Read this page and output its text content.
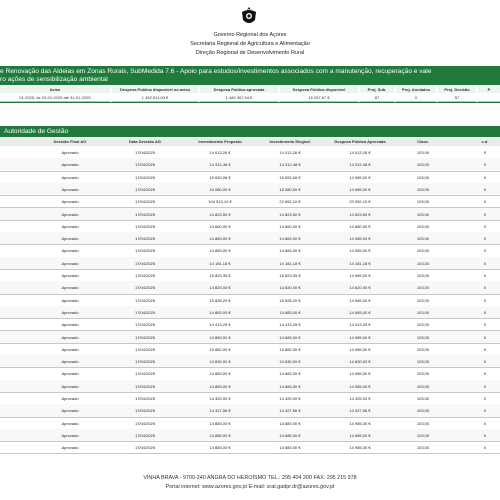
Governo Regional dos Açores
Secretaria Regional de Agricultura e Alimentação
Direção Regional de Desenvolvimento Rural
e Renovação das Aldeias em Zonas Rurais, SubMedida 7.6 - Apoio para estudos/investimentos associados com a manutenção, recuperação e vale
ro ações de sensibilização ambiental
Aviso	Despesa Pública disponível no aviso	Despesa Pública aprovada	Despesa Pública disponível	Proj. Sub.	Proj. Anulados	Proj. Decisão	P
01-2025, de 20-01-2025 até 31-01-2025	1 452 811,00 €	1 489 367,94 €	16 287,67 €	87	0	57
Autoridade de Gestão
Decisão Final AG	Data Decisão AG	Investimento Proposto	Investimento Elegível	Despesa Pública Aprovada	Class.	c.d.
Aprovado	17/04/2025	14 013,26 €	14 013,26 €	14 013,26 €	103,00	0
Aprovado	17/04/2025	14 312,48 €	14 312,48 €	14 312,48 €	103,00	0
Aprovado	17/04/2025	15 653,06 €	15 653,06 €	14 965,00 €	103,00	0
Aprovado	17/04/2025	15 080,00 €	15 080,00 €	14 965,00 €	103,00	0
Aprovado	17/04/2025	104 513,10 €	22 652,10 €	20 952,10 €	103,00	0
Aprovado	17/04/2025	14 823,50 €	14 823,50 €	14 823,50 €	103,00	0
Aprovado	17/04/2025	14 660,00 €	14 660,00 €	14 660,00 €	103,00	0
Aprovado	17/04/2025	14 883,00 €	14 883,00 €	14 965,00 €	103,00	0
Aprovado	17/04/2025	14 883,00 €	14 883,00 €	14 965,00 €	103,00	0
Aprovado	17/04/2025	14 181,18 €	14 181,18 €	14 181,18 €	103,00	0
Aprovado	17/04/2025	15 823,35 €	15 823,35 €	14 965,00 €	103,00	0
Aprovado	17/04/2025	14 820,00 €	14 820,00 €	14 820,00 €	103,00	0
Aprovado	17/04/2025	15 828,20 €	15 828,20 €	14 965,00 €	103,00	0
Aprovado	17/04/2025	14 883,00 €	14 883,00 €	14 965,00 €	103,00	0
Aprovado	17/04/2025	14 413,25 €	14 413,25 €	14 413,25 €	103,00	0
Aprovado	17/04/2025	14 883,00 €	14 883,00 €	14 965,00 €	103,00	0
Aprovado	17/04/2025	15 882,00 €	15 882,00 €	14 965,00 €	103,00	0
Aprovado	17/04/2025	14 830,00 €	14 830,00 €	14 830,00 €	103,00	0
Aprovado	17/04/2025	14 883,00 €	14 883,00 €	14 965,00 €	103,00	0
Aprovado	17/04/2025	14 883,00 €	14 883,00 €	14 965,00 €	103,00	0
Aprovado	17/04/2025	14 325,00 €	14 325,00 €	14 325,00 €	103,00	0
Aprovado	17/04/2025	14 327,56 €	14 327,56 €	14 327,56 €	103,00	0
Aprovado	17/04/2025	14 883,00 €	14 883,00 €	14 965,00 €	103,00	0
Aprovado	17/04/2025	14 885,00 €	14 885,00 €	14 965,00 €	103,00	0
Aprovado	17/04/2025	14 883,00 €	14 883,00 €	14 965,00 €	103,00	0
VINHA BRAVA · 9700-240 ANGRA DO HEROÍSMO TEL.: 295 404 200 FAX: 295 215 978
Portal internet: www.azores.gov.pt E-mail: srat.gadpr.dr@azores.gov.pt
